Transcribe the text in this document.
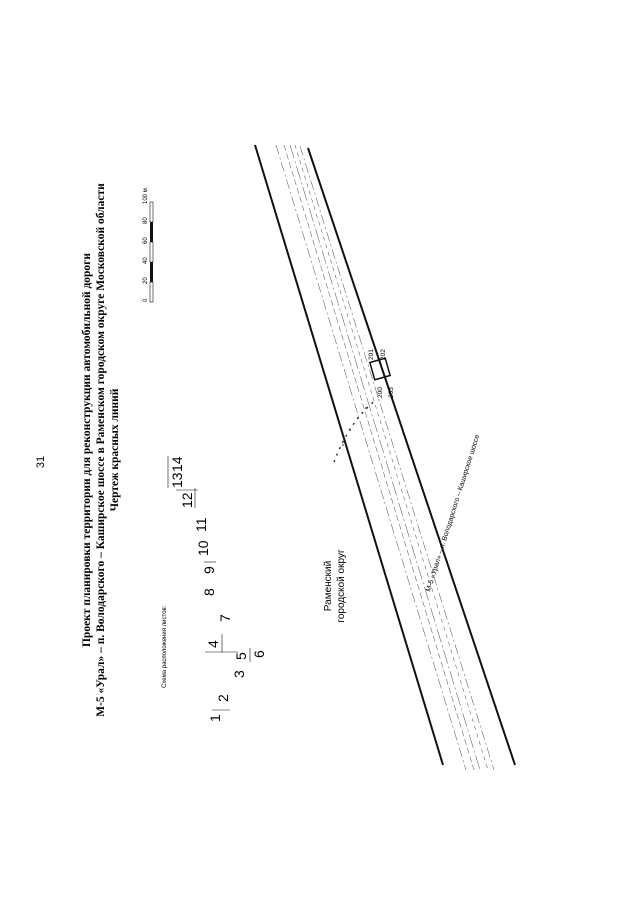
31	Проект планировки территории для реконструкции автомобильной дороги М-5 «Урал» – п. Володарского – Каширское шоссе в Раменском городском округе Московской области Чертеж красных линий
0
20
40
60
80
100 м
Схема расположения листов:
1
2
3
4
5 6
7
8
9
10
11
12
13
14
Раменский городской округ	М-5 «Урал» – п. Володарского – Каширское шоссе
200
201 202
203
